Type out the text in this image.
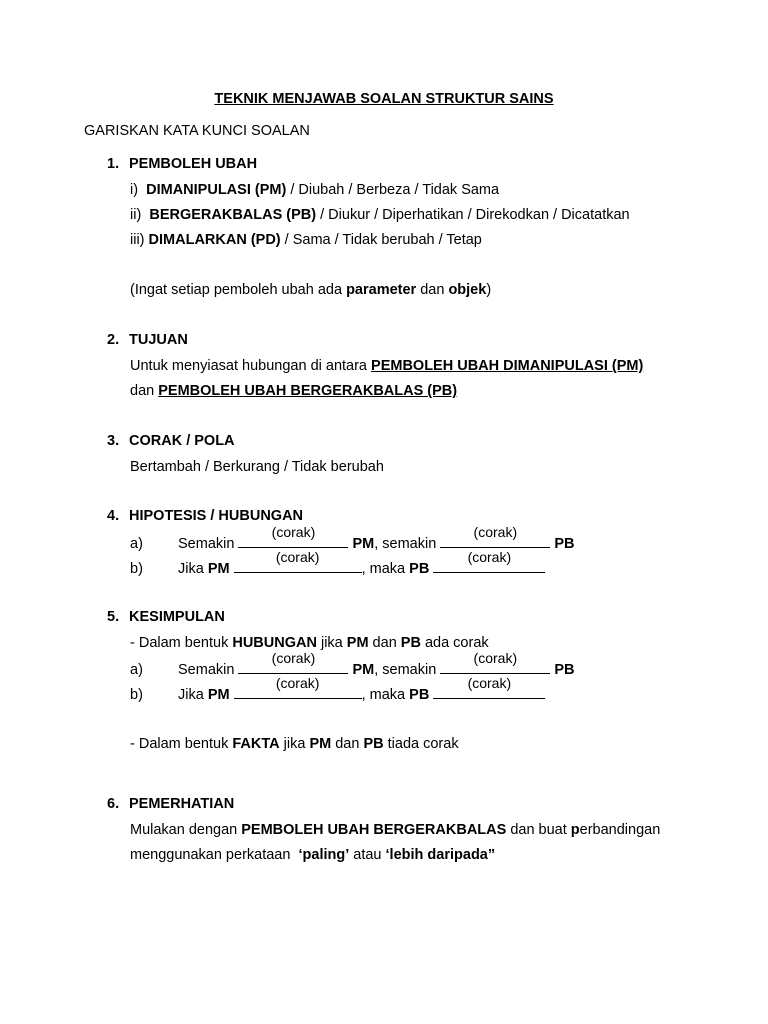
TEKNIK MENJAWAB SOALAN STRUKTUR SAINS
GARISKAN KATA KUNCI SOALAN
1. PEMBOLEH UBAH
i) DIMANIPULASI (PM) / Diubah / Berbeza / Tidak Sama
ii) BERGERAKBALAS (PB) / Diukur / Diperhatikan / Direkodkan / Dicatatkan
iii) DIMALARKAN (PD) / Sama / Tidak berubah / Tetap
(Ingat setiap pemboleh ubah ada parameter dan objek)
2. TUJUAN
Untuk menyiasat hubungan di antara PEMBOLEH UBAH DIMANIPULASI (PM)
dan PEMBOLEH UBAH BERGERAKBALAS (PB)
3. CORAK / POLA
Bertambah / Berkurang / Tidak berubah
4. HIPOTESIS / HUBUNGAN
a) Semakin
(corak)
PM, semakin
(corak)
PB
b) Jika PM
(corak)
, maka PB
(corak)
5. KESIMPULAN
- Dalam bentuk HUBUNGAN jika PM dan PB ada corak
a) Semakin
(corak)
PM, semakin
(corak)
PB
b) Jika PM
(corak)
, maka PB
(corak)
- Dalam bentuk FAKTA jika PM dan PB tiada corak
6. PEMERHATIAN
Mulakan dengan PEMBOLEH UBAH BERGERAKBALAS dan buat perbandingan
menggunakan perkataan  ‘paling’ atau ‘lebih daripada”
